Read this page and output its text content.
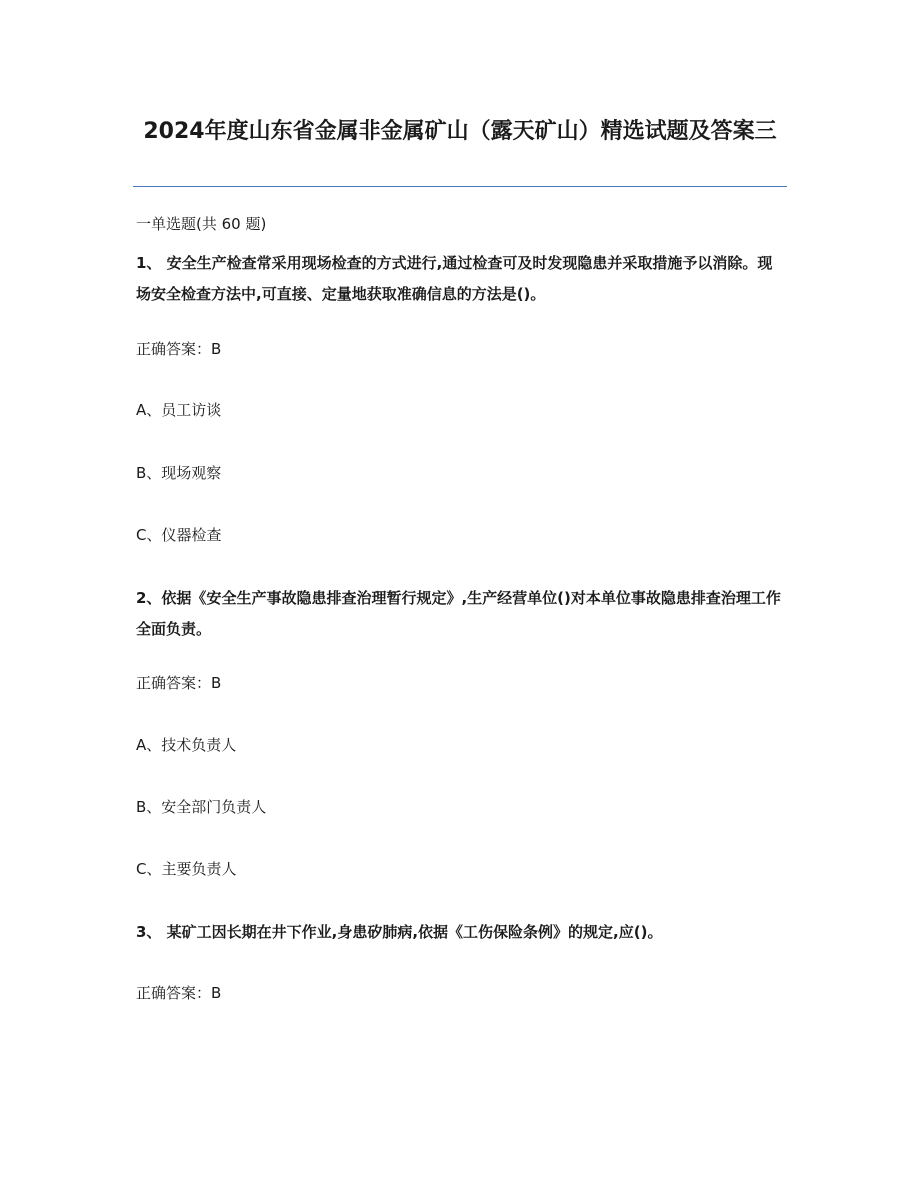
2024年度山东省金属非金属矿山（露天矿山）精选试题及答案三
一单选题(共 60 题)

1、 安全生产检查常采用现场检查的方式进行,通过检查可及时发现隐患并采取措施予以消除。现场安全检查方法中,可直接、定量地获取准确信息的方法是()。

正确答案：B
A、员工访谈
B、现场观察
C、仪器检查

2、依据《安全生产事故隐患排查治理暂行规定》,生产经营单位()对本单位事故隐患排查治理工作全面负责。

正确答案：B
A、技术负责人
B、安全部门负责人
C、主要负责人

3、 某矿工因长期在井下作业,身患矽肺病,依据《工伤保险条例》的规定,应()。

正确答案：B
